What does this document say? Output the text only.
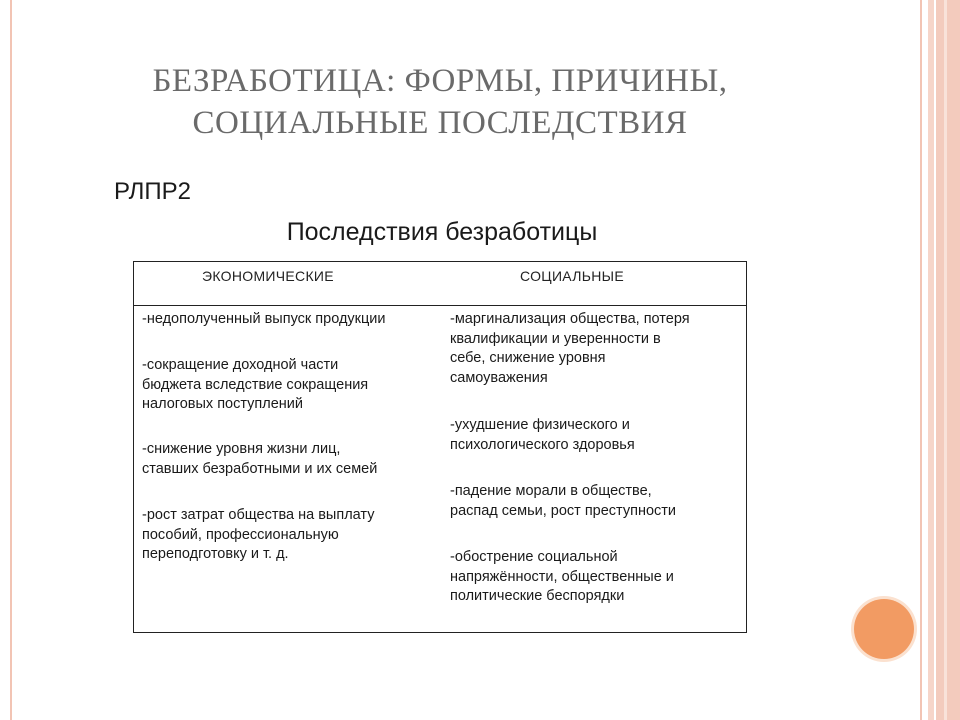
БЕЗРАБОТИЦА: ФОРМЫ, ПРИЧИНЫ,
СОЦИАЛЬНЫЕ ПОСЛЕДСТВИЯ
РЛПР2
Последствия безработицы
ЭКОНОМИЧЕСКИЕ	СОЦИАЛЬНЫЕ
-недополученный выпуск продукции
-сокращение доходной части
бюджета вследствие сокращения
налоговых поступлений
-снижение уровня жизни лиц,
ставших безработными и их семей
-рост затрат общества на выплату
пособий, профессиональную
переподготовку и т. д.
-маргинализация общества, потеря
квалификации и уверенности в
себе, снижение уровня
самоуважения
-ухудшение физического и
психологического здоровья
-падение морали в обществе,
распад семьи, рост преступности
-обострение социальной
напряжённости, общественные и
политические беспорядки
